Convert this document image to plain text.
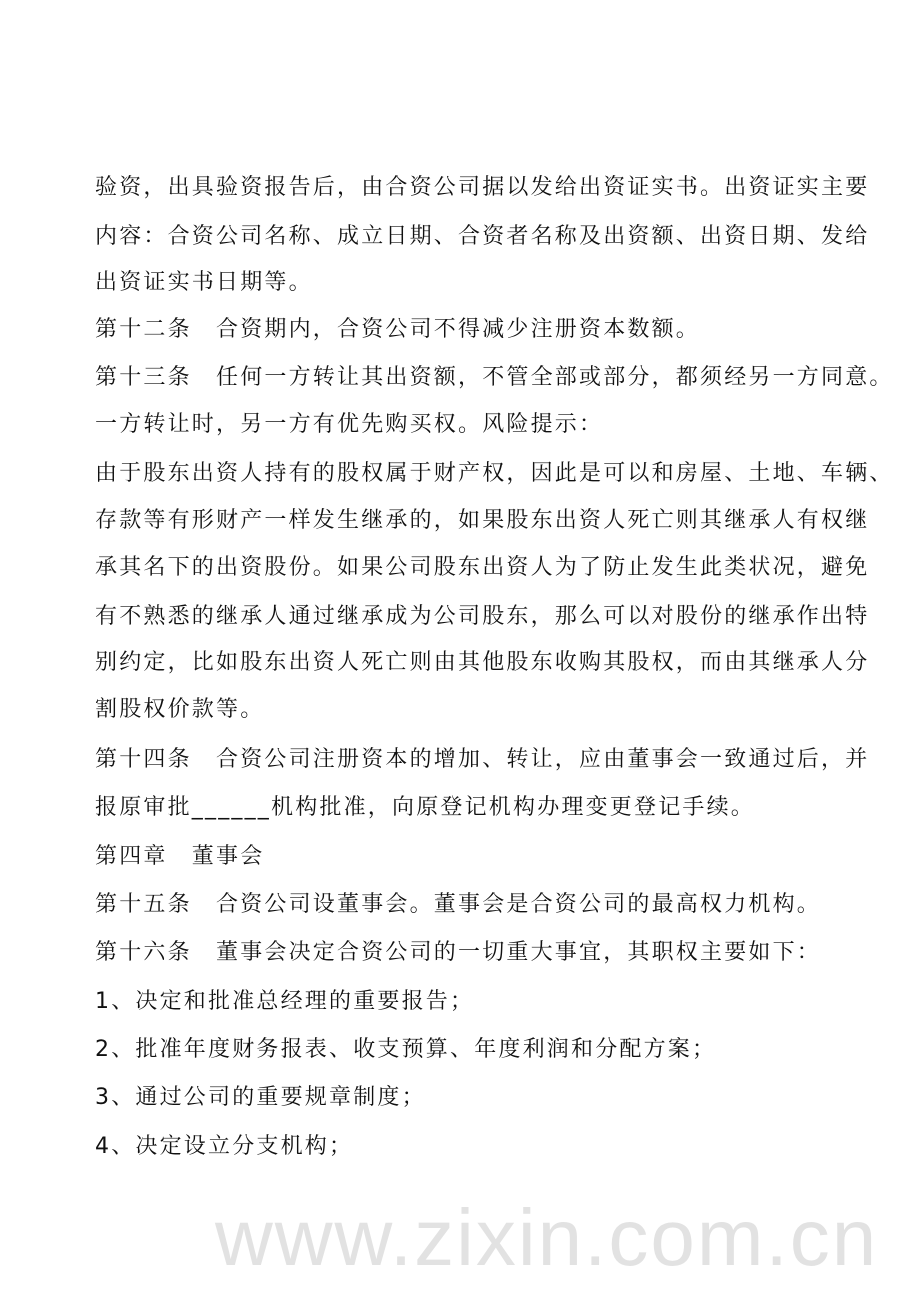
验资，出具验资报告后，由合资公司据以发给出资证实书。出资证实主要
内容：合资公司名称、成立日期、合资者名称及出资额、出资日期、发给
出资证实书日期等。
第十二条　合资期内，合资公司不得减少注册资本数额。
第十三条　任何一方转让其出资额，不管全部或部分，都须经另一方同意。
一方转让时，另一方有优先购买权。风险提示：
由于股东出资人持有的股权属于财产权，因此是可以和房屋、土地、车辆、
存款等有形财产一样发生继承的，如果股东出资人死亡则其继承人有权继
承其名下的出资股份。如果公司股东出资人为了防止发生此类状况，避免
有不熟悉的继承人通过继承成为公司股东，那么可以对股份的继承作出特
别约定，比如股东出资人死亡则由其他股东收购其股权，而由其继承人分
割股权价款等。
第十四条　合资公司注册资本的增加、转让，应由董事会一致通过后，并
报原审批______机构批准，向原登记机构办理变更登记手续。
第四章　董事会
第十五条　合资公司设董事会。董事会是合资公司的最高权力机构。
第十六条　董事会决定合资公司的一切重大事宜，其职权主要如下：
1、决定和批准总经理的重要报告；
2、批准年度财务报表、收支预算、年度利润和分配方案；
3、通过公司的重要规章制度；
4、决定设立分支机构；
www.zixin.com.cn
